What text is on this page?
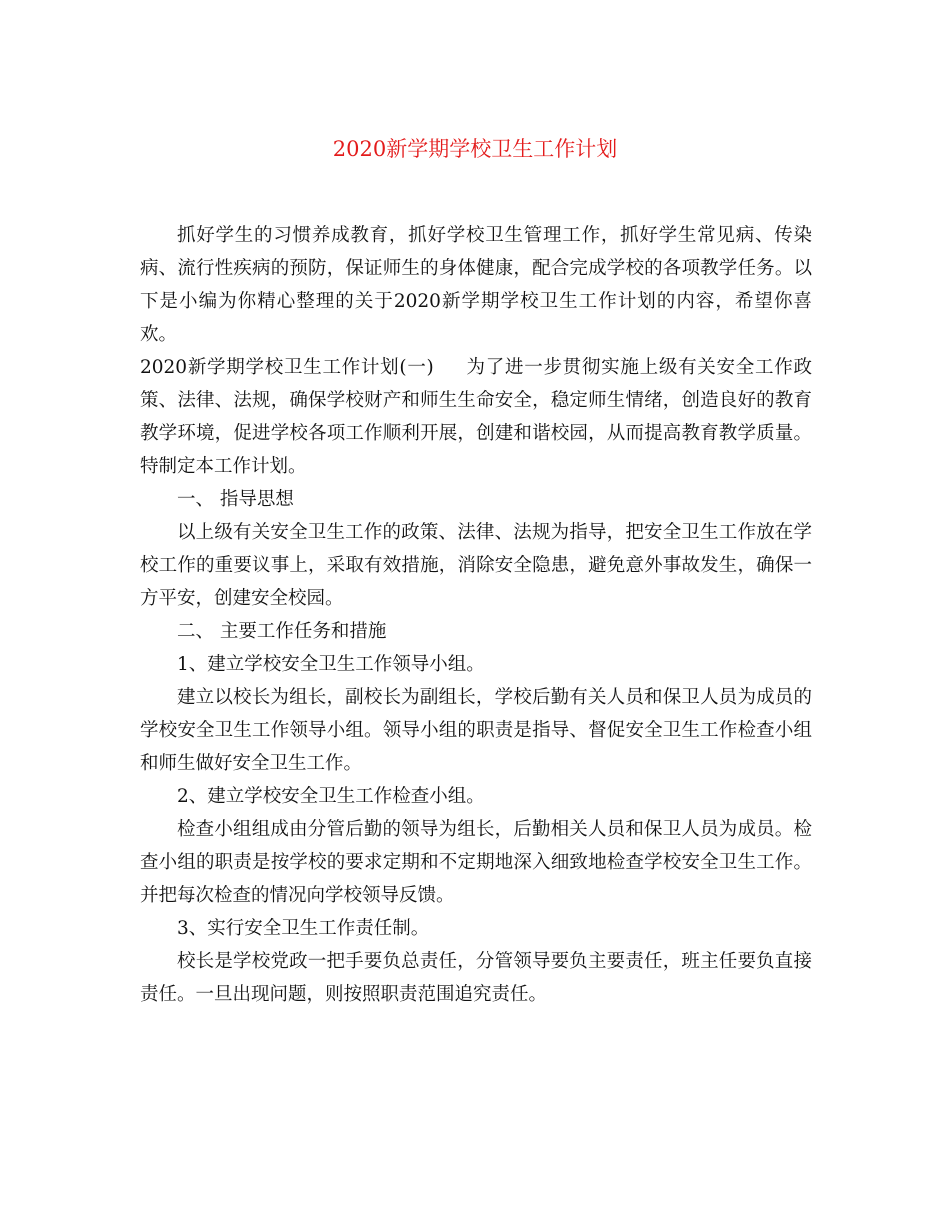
2020新学期学校卫生工作计划

抓好学生的习惯养成教育，抓好学校卫生管理工作，抓好学生常见病、传染病、流行性疾病的预防，保证师生的身体健康，配合完成学校的各项教学任务。以下是小编为你精心整理的关于2020新学期学校卫生工作计划的内容，希望你喜欢。

2020新学期学校卫生工作计划(一) 为了进一步贯彻实施上级有关安全工作政策、法律、法规，确保学校财产和师生生命安全，稳定师生情绪，创造良好的教育教学环境，促进学校各项工作顺利开展，创建和谐校园，从而提高教育教学质量。特制定本工作计划。

一、 指导思想

以上级有关安全卫生工作的政策、法律、法规为指导，把安全卫生工作放在学校工作的重要议事上，采取有效措施，消除安全隐患，避免意外事故发生，确保一方平安，创建安全校园。

二、 主要工作任务和措施

1、建立学校安全卫生工作领导小组。

建立以校长为组长，副校长为副组长，学校后勤有关人员和保卫人员为成员的学校安全卫生工作领导小组。领导小组的职责是指导、督促安全卫生工作检查小组和师生做好安全卫生工作。

2、建立学校安全卫生工作检查小组。

检查小组组成由分管后勤的领导为组长，后勤相关人员和保卫人员为成员。检查小组的职责是按学校的要求定期和不定期地深入细致地检查学校安全卫生工作。并把每次检查的情况向学校领导反馈。

3、实行安全卫生工作责任制。

校长是学校党政一把手要负总责任，分管领导要负主要责任，班主任要负直接责任。一旦出现问题，则按照职责范围追究责任。
